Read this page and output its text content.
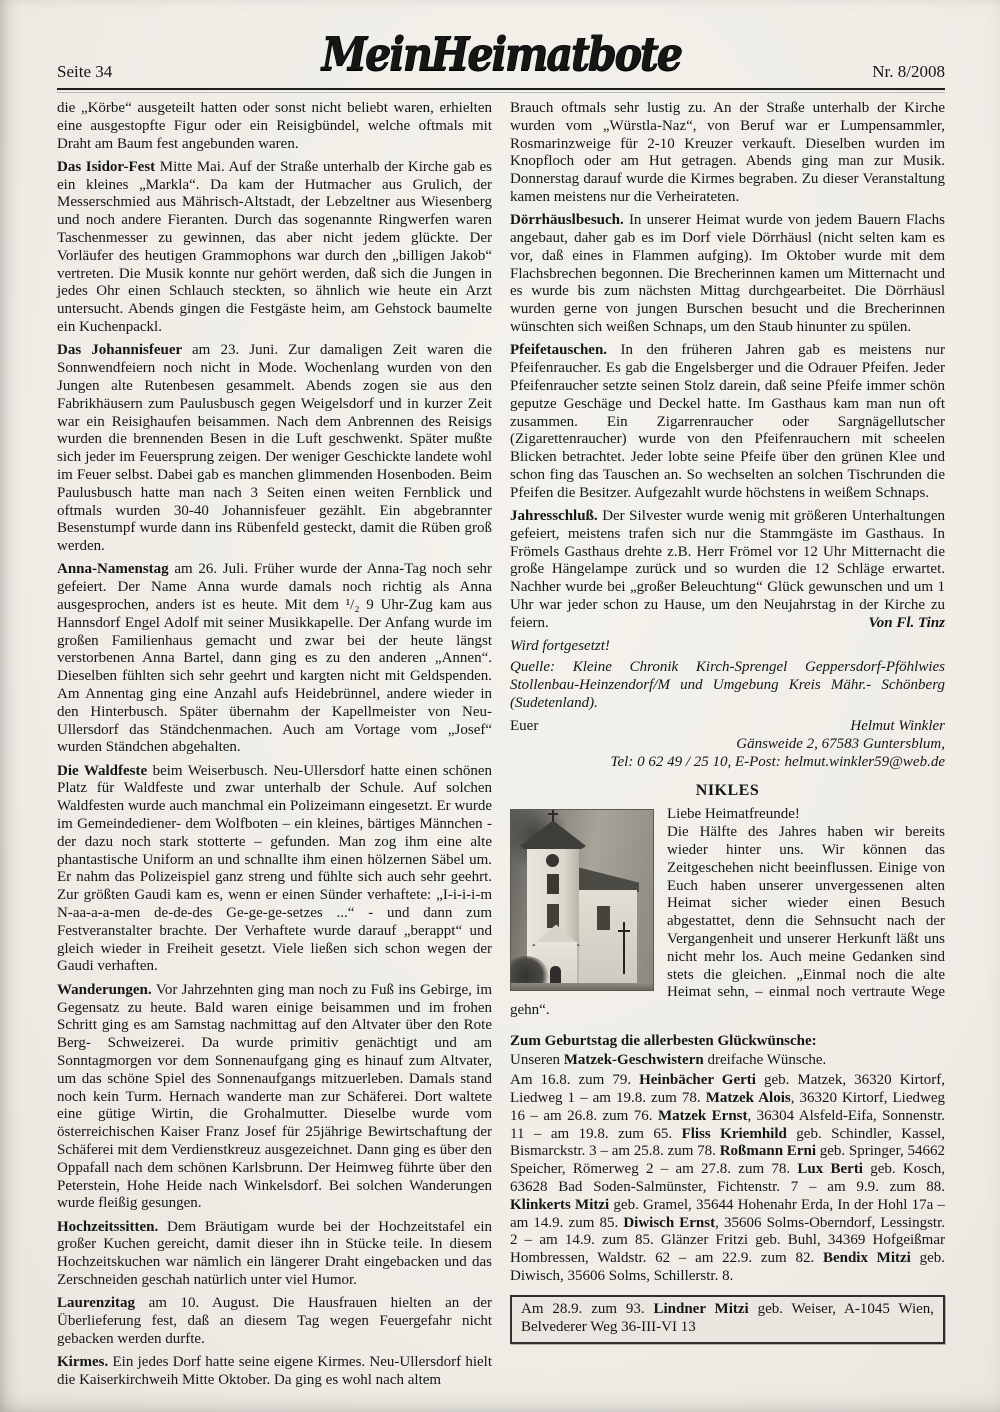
Seite 34	MeinHeimatbote	Nr. 8/2008

die „Körbe“ ausgeteilt hatten oder sonst nicht beliebt waren, erhielten eine ausgestopfte Figur oder ein Reisigbündel, welche oftmals mit Draht am Baum fest angebunden waren.

Das Isidor-Fest Mitte Mai. Auf der Straße unterhalb der Kirche gab es ein kleines „Markla“. Da kam der Hutmacher aus Grulich, der Messerschmied aus Mährisch-Altstadt, der Lebzeltner aus Wiesenberg und noch andere Fieranten. Durch das sogenannte Ringwerfen waren Taschenmesser zu gewinnen, das aber nicht jedem glückte. Der Vorläufer des heutigen Grammophons war durch den „billigen Jakob“ vertreten. Die Musik konnte nur gehört werden, daß sich die Jungen in jedes Ohr einen Schlauch steckten, so ähnlich wie heute ein Arzt untersucht. Abends gingen die Festgäste heim, am Gehstock baumelte ein Kuchenpackl.

Das Johannisfeuer am 23. Juni. Zur damaligen Zeit waren die Sonnwendfeiern noch nicht in Mode. Wochenlang wurden von den Jungen alte Rutenbesen gesammelt. Abends zogen sie aus den Fabrikhäusern zum Paulusbusch gegen Weigelsdorf und in kurzer Zeit war ein Reisighaufen beisammen. Nach dem Anbrennen des Reisigs wurden die brennenden Besen in die Luft geschwenkt. Später mußte sich jeder im Feuersprung zeigen. Der weniger Geschickte landete wohl im Feuer selbst. Dabei gab es manchen glimmenden Hosenboden. Beim Paulusbusch hatte man nach 3 Seiten einen weiten Fernblick und oftmals wurden 30-40 Johannisfeuer gezählt. Ein abgebrannter Besenstumpf wurde dann ins Rübenfeld gesteckt, damit die Rüben groß werden.

Anna-Namenstag am 26. Juli. Früher wurde der Anna-Tag noch sehr gefeiert. Der Name Anna wurde damals noch richtig als Anna ausgesprochen, anders ist es heute. Mit dem ¹/₂ 9 Uhr-Zug kam aus Hannsdorf Engel Adolf mit seiner Musikkapelle. Der Anfang wurde im großen Familienhaus gemacht und zwar bei der heute längst verstorbenen Anna Bartel, dann ging es zu den anderen „Annen“. Dieselben fühlten sich sehr geehrt und kargten nicht mit Geldspenden. Am Annentag ging eine Anzahl aufs Heidebrünnel, andere wieder in den Hinterbusch. Später übernahm der Kapellmeister von Neu-Ullersdorf das Ständchenmachen. Auch am Vortage vom „Josef“ wurden Ständchen abgehalten.

Die Waldfeste beim Weiserbusch. Neu-Ullersdorf hatte einen schönen Platz für Waldfeste und zwar unterhalb der Schule. Auf solchen Waldfesten wurde auch manchmal ein Polizeimann eingesetzt. Er wurde im Gemeindediener- dem Wolfboten – ein kleines, bärtiges Männchen - der dazu noch stark stotterte – gefunden. Man zog ihm eine alte phantastische Uniform an und schnallte ihm einen hölzernen Säbel um. Er nahm das Polizeispiel ganz streng und fühlte sich auch sehr geehrt. Zur größten Gaudi kam es, wenn er einen Sünder verhaftete: „I-i-i-i-m N-aa-a-a-men de-de-des Ge-ge-ge-setzes ...“ - und dann zum Festveranstalter brachte. Der Verhaftete wurde darauf „berappt“ und gleich wieder in Freiheit gesetzt. Viele ließen sich schon wegen der Gaudi verhaften.

Wanderungen. Vor Jahrzehnten ging man noch zu Fuß ins Gebirge, im Gegensatz zu heute. Bald waren einige beisammen und im frohen Schritt ging es am Samstag nachmittag auf den Altvater über den Rote Berg- Schweizerei. Da wurde primitiv genächtigt und am Sonntagmorgen vor dem Sonnenaufgang ging es hinauf zum Altvater, um das schöne Spiel des Sonnenaufgangs mitzuerleben. Damals stand noch kein Turm. Hernach wanderte man zur Schäferei. Dort waltete eine gütige Wirtin, die Grohalmutter. Dieselbe wurde vom österreichischen Kaiser Franz Josef für 25jährige Bewirtschaftung der Schäferei mit dem Verdienstkreuz ausgezeichnet. Dann ging es über den Oppafall nach dem schönen Karlsbrunn. Der Heimweg führte über den Peterstein, Hohe Heide nach Winkelsdorf. Bei solchen Wanderungen wurde fleißig gesungen.

Hochzeitssitten. Dem Bräutigam wurde bei der Hochzeitstafel ein großer Kuchen gereicht, damit dieser ihn in Stücke teile. In diesem Hochzeitskuchen war nämlich ein längerer Draht eingebacken und das Zerschneiden geschah natürlich unter viel Humor.

Laurenzitag am 10. August. Die Hausfrauen hielten an der Überlieferung fest, daß an diesem Tag wegen Feuergefahr nicht gebacken werden durfte.

Kirmes. Ein jedes Dorf hatte seine eigene Kirmes. Neu-Ullersdorf hielt die Kaiserkirchweih Mitte Oktober. Da ging es wohl nach altem

Brauch oftmals sehr lustig zu. An der Straße unterhalb der Kirche wurden vom „Würstla-Naz“, von Beruf war er Lumpensammler, Rosmarinzweige für 2-10 Kreuzer verkauft. Dieselben wurden im Knopfloch oder am Hut getragen. Abends ging man zur Musik. Donnerstag darauf wurde die Kirmes begraben. Zu dieser Veranstaltung kamen meistens nur die Verheirateten.

Dörrhäuslbesuch. In unserer Heimat wurde von jedem Bauern Flachs angebaut, daher gab es im Dorf viele Dörrhäusl (nicht selten kam es vor, daß eines in Flammen aufging). Im Oktober wurde mit dem Flachsbrechen begonnen. Die Brecherinnen kamen um Mitternacht und es wurde bis zum nächsten Mittag durchgearbeitet. Die Dörrhäusl wurden gerne von jungen Burschen besucht und die Brecherinnen wünschten sich weißen Schnaps, um den Staub hinunter zu spülen.

Pfeifetauschen. In den früheren Jahren gab es meistens nur Pfeifenraucher. Es gab die Engelsberger und die Odrauer Pfeifen. Jeder Pfeifenraucher setzte seinen Stolz darein, daß seine Pfeife immer schön geputze Geschäge und Deckel hatte. Im Gasthaus kam man nun oft zusammen. Ein Zigarrenraucher oder Sargnägellutscher (Zigarettenraucher) wurde von den Pfeifenrauchern mit scheelen Blicken betrachtet. Jeder lobte seine Pfeife über den grünen Klee und schon fing das Tauschen an. So wechselten an solchen Tischrunden die Pfeifen die Besitzer. Aufgezahlt wurde höchstens in weißem Schnaps.

Jahresschluß. Der Silvester wurde wenig mit größeren Unterhaltungen gefeiert, meistens trafen sich nur die Stammgäste im Gasthaus. In Frömels Gasthaus drehte z.B. Herr Frömel vor 12 Uhr Mitternacht die große Hängelampe zurück und so wurden die 12 Schläge erwartet. Nachher wurde bei „großer Beleuchtung“ Glück gewunschen und um 1 Uhr war jeder schon zu Hause, um den Neujahrstag in der Kirche zu feiern.	Von Fl. Tinz

Wird fortgesetzt!

Quelle: Kleine Chronik Kirch-Sprengel Geppersdorf-Pföhlwies Stollenbau-Heinzendorf/M und Umgebung Kreis Mähr.- Schönberg (Sudetenland).

Euer	Helmut Winkler
Gänsweide 2, 67583 Guntersblum,
Tel: 0 62 49 / 25 10, E-Post: helmut.winkler59@web.de

NIKLES

Liebe Heimatfreunde!

Die Hälfte des Jahres haben wir bereits wieder hinter uns. Wir können das Zeitgeschehen nicht beeinflussen. Einige von Euch haben unserer unvergessenen alten Heimat sicher wieder einen Besuch abgestattet, denn die Sehnsucht nach der Vergangenheit und unserer Herkunft läßt uns nicht mehr los. Auch meine Gedanken sind stets die gleichen. „Einmal noch die alte Heimat sehn, – einmal noch vertraute Wege gehn“.

Zum Geburtstag die allerbesten Glückwünsche:

Unseren Matzek-Geschwistern dreifache Wünsche.

Am 16.8. zum 79. Heinbächer Gerti geb. Matzek, 36320 Kirtorf, Liedweg 1 – am 19.8. zum 78. Matzek Alois, 36320 Kirtorf, Liedweg 16 – am 26.8. zum 76. Matzek Ernst, 36304 Alsfeld-Eifa, Sonnenstr. 11 – am 19.8. zum 65. Fliss Kriemhild geb. Schindler, Kassel, Bismarckstr. 3 – am 25.8. zum 78. Roßmann Erni geb. Springer, 54662 Speicher, Römerweg 2 – am 27.8. zum 78. Lux Berti geb. Kosch, 63628 Bad Soden-Salmünster, Fichtenstr. 7 – am 9.9. zum 88. Klinkerts Mitzi geb. Gramel, 35644 Hohenahr Erda, In der Hohl 17a – am 14.9. zum 85. Diwisch Ernst, 35606 Solms-Oberndorf, Lessingstr. 2 – am 14.9. zum 85. Glänzer Fritzi geb. Buhl, 34369 Hofgeißmar Hombressen, Waldstr. 62 – am 22.9. zum 82. Bendix Mitzi geb. Diwisch, 35606 Solms, Schillerstr. 8.

Am 28.9. zum 93. Lindner Mitzi geb. Weiser, A-1045 Wien, Belvederer Weg 36-III-VI 13
